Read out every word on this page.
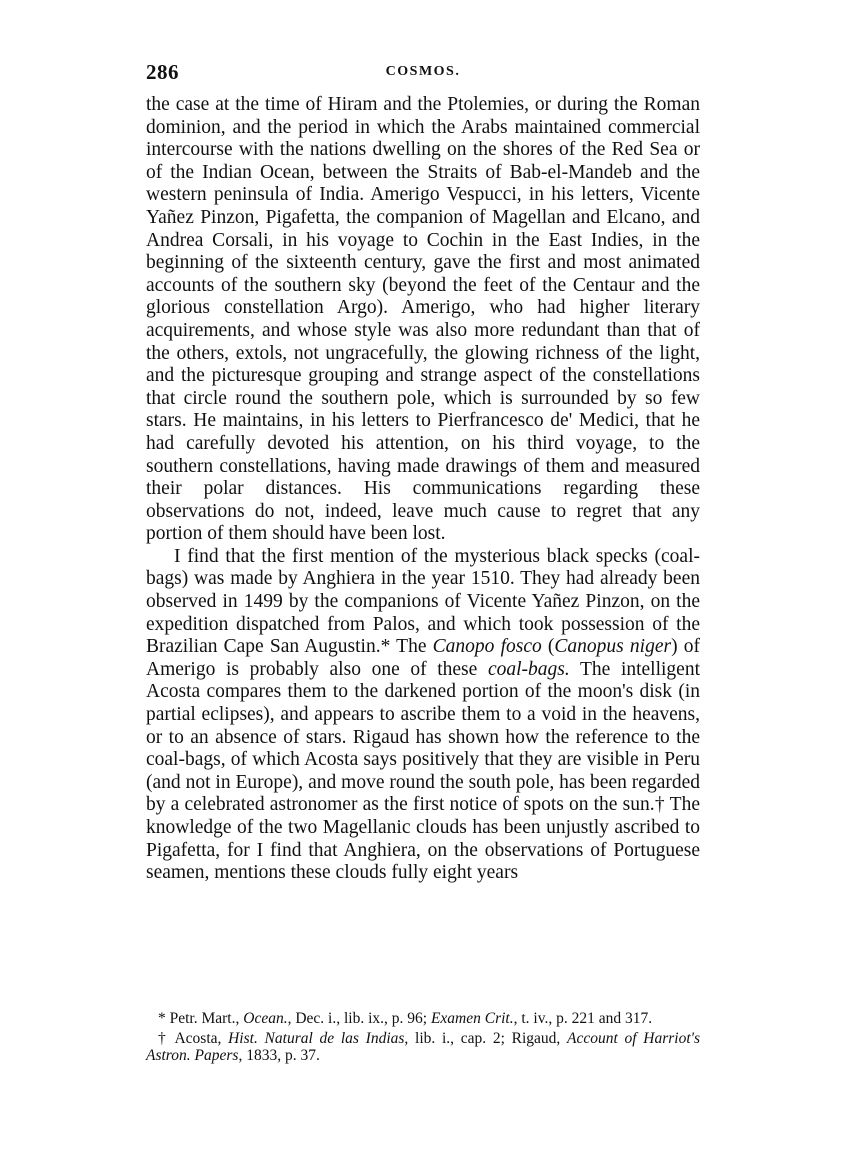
286	COSMOS.

the case at the time of Hiram and the Ptolemies, or during the Roman dominion, and the period in which the Arabs maintained commercial intercourse with the nations dwelling on the shores of the Red Sea or of the Indian Ocean, between the Straits of Bab-el-Mandeb and the western peninsula of India. Amerigo Vespucci, in his letters, Vicente Yañez Pinzon, Pigafetta, the companion of Magellan and Elcano, and Andrea Corsali, in his voyage to Cochin in the East Indies, in the beginning of the sixteenth century, gave the first and most animated accounts of the southern sky (beyond the feet of the Centaur and the glorious constellation Argo). Amerigo, who had higher literary acquirements, and whose style was also more redundant than that of the others, extols, not ungracefully, the glowing richness of the light, and the picturesque grouping and strange aspect of the constellations that circle round the southern pole, which is surrounded by so few stars. He maintains, in his letters to Pierfrancesco de' Medici, that he had carefully devoted his attention, on his third voyage, to the southern constellations, having made drawings of them and measured their polar distances. His communications regarding these observations do not, indeed, leave much cause to regret that any portion of them should have been lost.

I find that the first mention of the mysterious black specks (coal-bags) was made by Anghiera in the year 1510. They had already been observed in 1499 by the companions of Vicente Yañez Pinzon, on the expedition dispatched from Palos, and which took possession of the Brazilian Cape San Augustin.* The Canopo fosco (Canopus niger) of Amerigo is probably also one of these coal-bags. The intelligent Acosta compares them to the darkened portion of the moon's disk (in partial eclipses), and appears to ascribe them to a void in the heavens, or to an absence of stars. Rigaud has shown how the reference to the coal-bags, of which Acosta says positively that they are visible in Peru (and not in Europe), and move round the south pole, has been regarded by a celebrated astronomer as the first notice of spots on the sun.† The knowledge of the two Magellanic clouds has been unjustly ascribed to Pigafetta, for I find that Anghiera, on the observations of Portuguese seamen, mentions these clouds fully eight years

* Petr. Mart., Ocean., Dec. i., lib. ix., p. 96; Examen Crit., t. iv., p. 221 and 317.

† Acosta, Hist. Natural de las Indias, lib. i., cap. 2; Rigaud, Account of Harriot's Astron. Papers, 1833, p. 37.
